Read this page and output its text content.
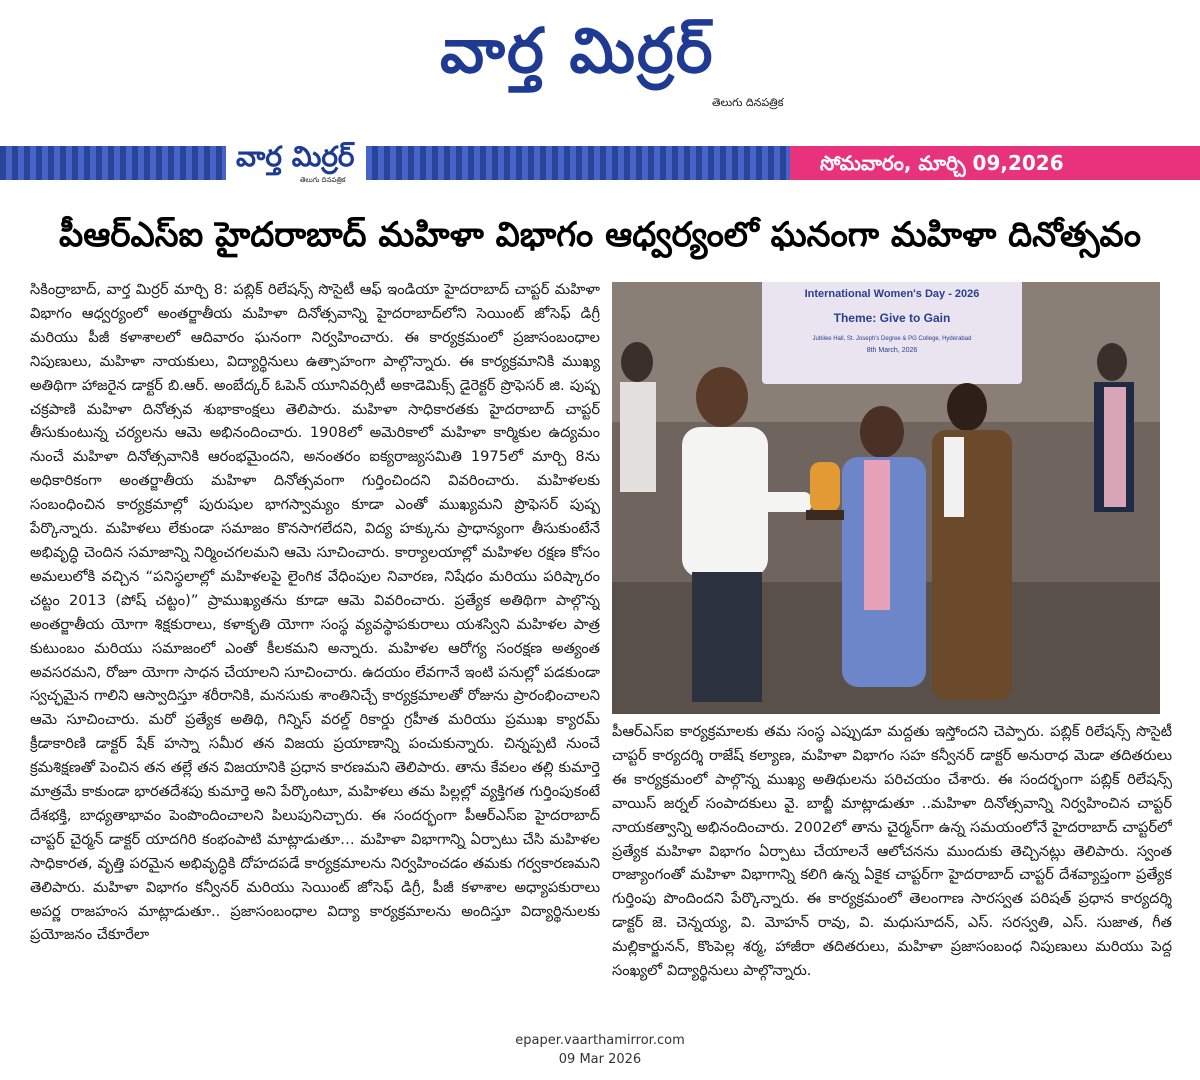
వార్త మిర్రర్
తెలుగు దినపత్రిక
వార్త మిర్రర్
తెలుగు దినపత్రిక
సోమవారం, మార్చి 09,2026
పీఆర్ఎస్ఐ హైదరాబాద్ మహిళా విభాగం ఆధ్వర్యంలో ఘనంగా మహిళా దినోత్సవం
సికింద్రాబాద్, వార్త మిర్రర్ మార్చి 8: పబ్లిక్ రిలేషన్స్ సొసైటీ ఆఫ్ ఇండియా హైదరాబాద్ చాప్టర్ మహిళా విభాగం ఆధ్వర్యంలో అంతర్జాతీయ మహిళా దినోత్సవాన్ని హైదరాబాద్‌లోని సెయింట్ జోసెఫ్ డిగ్రీ మరియు పీజీ కళాశాలలో ఆదివారం ఘనంగా నిర్వహించారు. ఈ కార్యక్రమంలో ప్రజాసంబంధాల నిపుణులు, మహిళా నాయకులు, విద్యార్థినులు ఉత్సాహంగా పాల్గొన్నారు. ఈ కార్యక్రమానికి ముఖ్య అతిథిగా హాజరైన డాక్టర్ బి.ఆర్. అంబేద్కర్ ఓపెన్ యూనివర్సిటీ అకాడెమిక్స్ డైరెక్టర్ ప్రొఫెసర్ జి. పుష్ప చక్రపాణి మహిళా దినోత్సవ శుభాకాంక్షలు తెలిపారు. మహిళా సాధికారతకు హైదరాబాద్ చాప్టర్ తీసుకుంటున్న చర్యలను ఆమె అభినందించారు. 1908లో అమెరికాలో మహిళా కార్మికుల ఉద్యమం నుంచే మహిళా దినోత్సవానికి ఆరంభమైందని, అనంతరం ఐక్యరాజ్యసమితి 1975లో మార్చి 8ను అధికారికంగా అంతర్జాతీయ మహిళా దినోత్సవంగా గుర్తించిందని వివరించారు. మహిళలకు సంబంధించిన కార్యక్రమాల్లో పురుషుల భాగస్వామ్యం కూడా ఎంతో ముఖ్యమని ప్రొఫెసర్ పుష్ప పేర్కొన్నారు. మహిళలు లేకుండా సమాజం కొనసాగలేదని, విద్య హక్కును ప్రాధాన్యంగా తీసుకుంటేనే అభివృద్ధి చెందిన సమాజాన్ని నిర్మించగలమని ఆమె సూచించారు. కార్యాలయాల్లో మహిళల రక్షణ కోసం అమలులోకి వచ్చిన “పనిస్థలాల్లో మహిళలపై లైంగిక వేధింపుల నివారణ, నిషేధం మరియు పరిష్కారం చట్టం 2013 (పోష్ చట్టం)” ప్రాముఖ్యతను కూడా ఆమె వివరించారు. ప్రత్యేక అతిథిగా పాల్గొన్న అంతర్జాతీయ యోగా శిక్షకురాలు, కళాకృతి యోగా సంస్థ వ్యవస్థాపకురాలు యశస్విని మహిళల పాత్ర కుటుంబం మరియు సమాజంలో ఎంతో కీలకమని అన్నారు. మహిళల ఆరోగ్య సంరక్షణ అత్యంత అవసరమని, రోజూ యోగా సాధన చేయాలని సూచించారు. ఉదయం లేవగానే ఇంటి పనుల్లో పడకుండా స్వచ్ఛమైన గాలిని ఆస్వాదిస్తూ శరీరానికి, మనసుకు శాంతినిచ్చే కార్యక్రమాలతో రోజును ప్రారంభించాలని ఆమె సూచించారు. మరో ప్రత్యేక అతిథి, గిన్నిస్ వరల్డ్ రికార్డు గ్రహీత మరియు ప్రముఖ క్యారమ్ క్రీడాకారిణి డాక్టర్ షేక్ హస్నా సమీర తన విజయ ప్రయాణాన్ని పంచుకున్నారు. చిన్నప్పటి నుంచే క్రమశిక్షణతో పెంచిన తన తల్లే తన విజయానికి ప్రధాన కారణమని తెలిపారు. తాను కేవలం తల్లి కుమార్తె మాత్రమే కాకుండా భారతదేశపు కుమార్తె అని పేర్కొంటూ, మహిళలు తమ పిల్లల్లో వ్యక్తిగత గుర్తింపుకంటే దేశభక్తి, బాధ్యతాభావం పెంపొందించాలని పిలుపునిచ్చారు. ఈ సందర్భంగా పీఆర్ఎస్ఐ హైదరాబాద్ చాప్టర్ చైర్మన్ డాక్టర్ యాదగిరి కంభంపాటి మాట్లాడుతూ… మహిళా విభాగాన్ని ఏర్పాటు చేసి మహిళల సాధికారత, వృత్తి పరమైన అభివృద్ధికి దోహదపడే కార్యక్రమాలను నిర్వహించడం తమకు గర్వకారణమని తెలిపారు. మహిళా విభాగం కన్వీనర్ మరియు సెయింట్ జోసెఫ్ డిగ్రీ, పీజీ కళాశాల అధ్యాపకురాలు అపర్ణ రాజహంస మాట్లాడుతూ.. ప్రజాసంబంధాల విద్యా కార్యక్రమాలను అందిస్తూ విద్యార్థినులకు ప్రయోజనం చేకూరేలా
International Women's Day - 2026
Theme: Give to Gain
Jubilee Hall, St. Joseph's Degree & PG College, Hyderabad
8th March, 2026
పీఆర్ఎస్ఐ కార్యక్రమాలకు తమ సంస్థ ఎప్పుడూ మద్దతు ఇస్తోందని చెప్పారు. పబ్లిక్ రిలేషన్స్ సొసైటీ చాప్టర్ కార్యదర్శి రాజేష్ కల్యాణ, మహిళా విభాగం సహ కన్వీనర్ డాక్టర్ అనురాధ మెడా తదితరులు ఈ కార్యక్రమంలో పాల్గొన్న ముఖ్య అతిథులను పరిచయం చేశారు. ఈ సందర్భంగా పబ్లిక్ రిలేషన్స్ వాయిస్ జర్నల్ సంపాదకులు వై. బాబ్జీ మాట్లాడుతూ ..మహిళా దినోత్సవాన్ని నిర్వహించిన చాప్టర్ నాయకత్వాన్ని అభినందించారు. 2002లో తాను చైర్మన్‌గా ఉన్న సమయంలోనే హైదరాబాద్ చాప్టర్‌లో ప్రత్యేక మహిళా విభాగం ఏర్పాటు చేయాలనే ఆలోచనను ముందుకు తెచ్చినట్లు తెలిపారు. స్వంత రాజ్యాంగంతో మహిళా విభాగాన్ని కలిగి ఉన్న ఏకైక చాప్టర్‌గా హైదరాబాద్ చాప్టర్ దేశవ్యాప్తంగా ప్రత్యేక గుర్తింపు పొందిందని పేర్కొన్నారు. ఈ కార్యక్రమంలో తెలంగాణ సారస్వత పరిషత్ ప్రధాన కార్యదర్శి డాక్టర్ జె. చెన్నయ్య, వి. మోహన్ రావు, వి. మధుసూదన్, ఎస్. సరస్వతి, ఎస్. సుజాత, గీత మల్లికార్జునన్, కొంపెల్ల శర్మ, హాజీరా తదితరులు, మహిళా ప్రజాసంబంధ నిపుణులు మరియు పెద్ద సంఖ్యలో విద్యార్థినులు పాల్గొన్నారు.
epaper.vaarthamirror.com
09 Mar 2026
